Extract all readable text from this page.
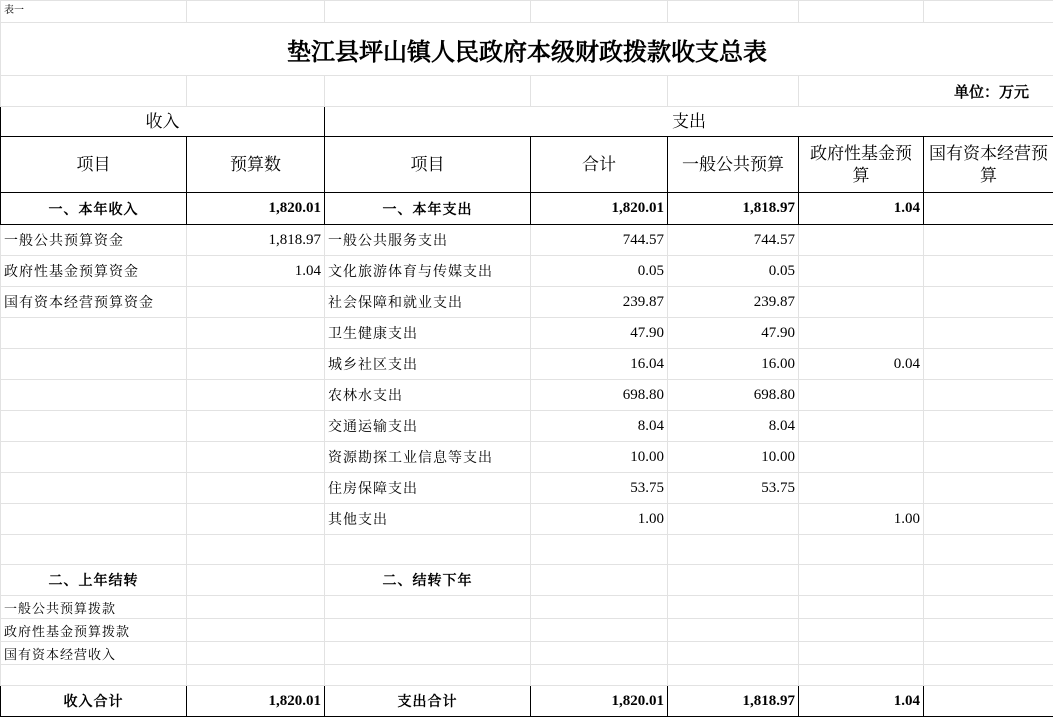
表一						
垫江县坪山镇人民政府本级财政拨款收支总表						
					单位：万元	
收入		支出				
项目	预算数	项目	合计	一般公共预算	政府性基金预算	国有资本经营预算
一、本年收入	1,820.01	一、本年支出	1,820.01	1,818.97	1.04	
一般公共预算资金	1,818.97	一般公共服务支出	744.57	744.57		
政府性基金预算资金	1.04	文化旅游体育与传媒支出	0.05	0.05		
国有资本经营预算资金		社会保障和就业支出	239.87	239.87		
		卫生健康支出	47.90	47.90		
		城乡社区支出	16.04	16.00	0.04	
		农林水支出	698.80	698.80		
		交通运输支出	8.04	8.04		
		资源勘探工业信息等支出	10.00	10.00		
		住房保障支出	53.75	53.75		
		其他支出	1.00		1.00	

二、上年结转		二、结转下年				
一般公共预算拨款						
政府性基金预算拨款						
国有资本经营收入						

收入合计	1,820.01	支出合计	1,820.01	1,818.97	1.04	
